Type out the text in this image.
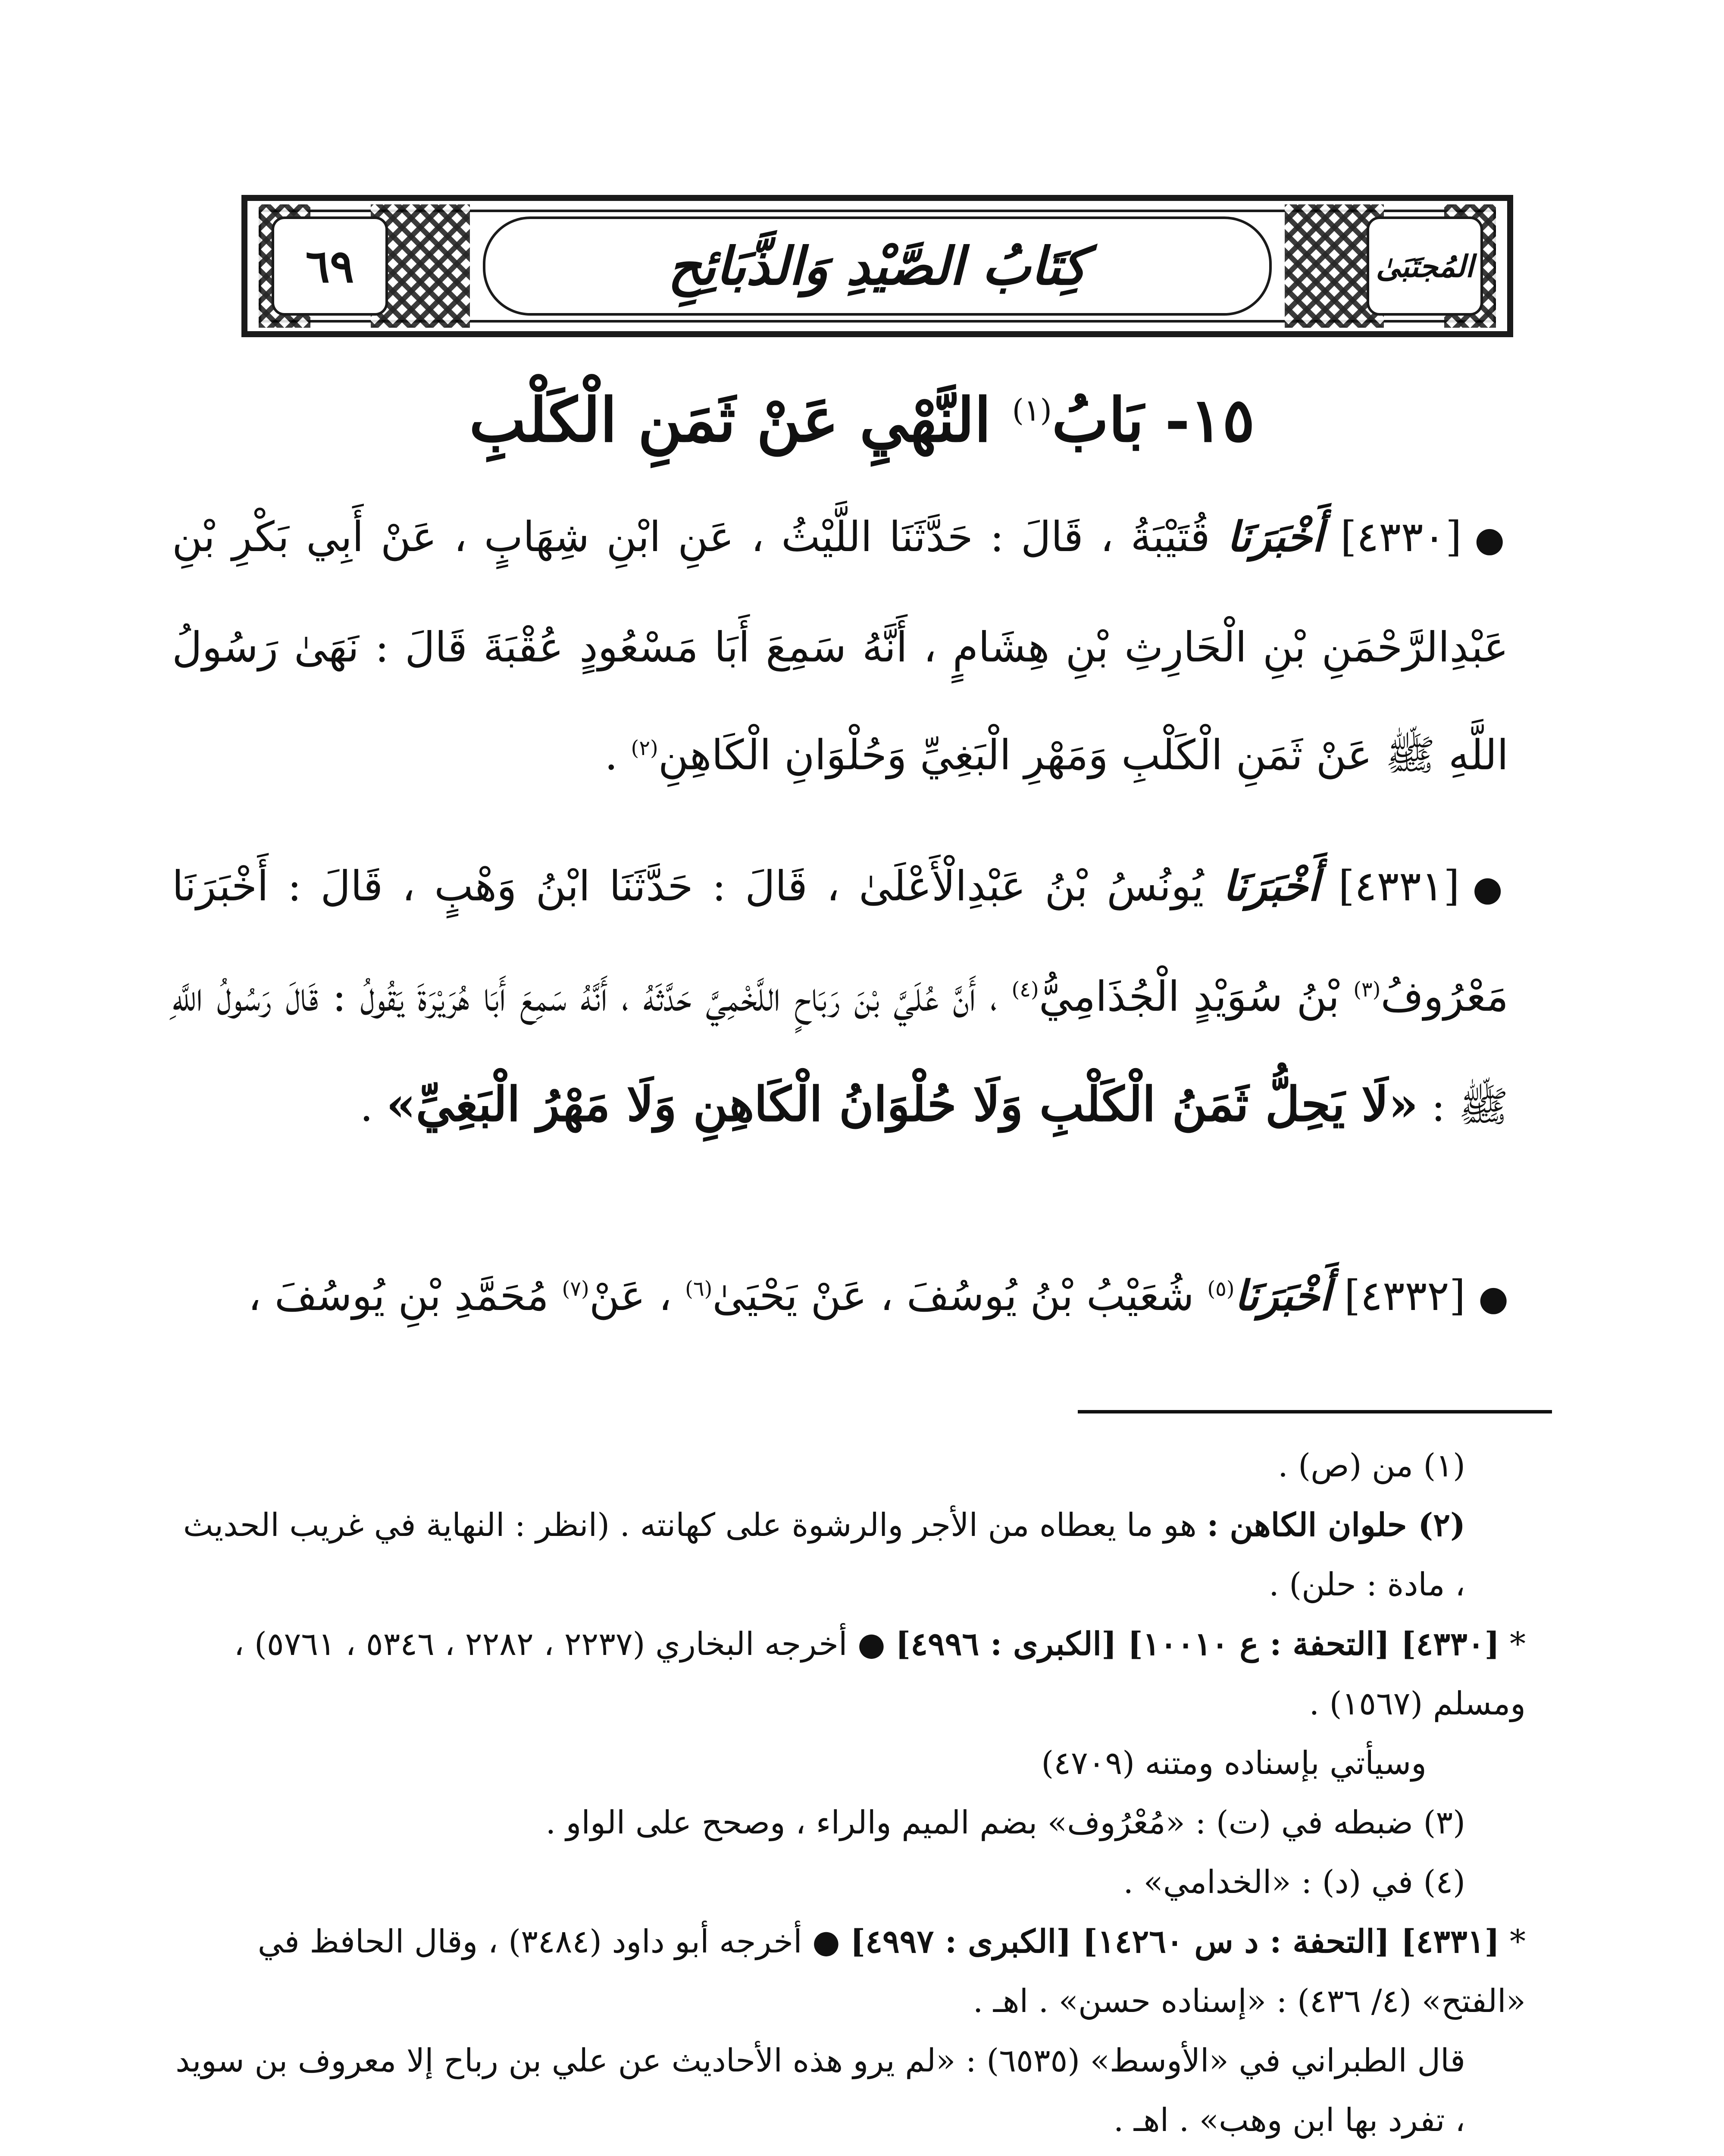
٦٩	كِتَابُ الصَّيْدِ وَالذَّبَائِحِ	المُجتَبَىٰ
١٥- بَابُ$^{(١)}$ النَّهْيِ عَنْ ثَمَنِ الْكَلْبِ
●[٤٣٣٠] أَخْبَرَنَا قُتَيْبَةُ ، قَالَ : حَدَّثَنَا اللَّيْثُ ، عَنِ ابْنِ شِهَابٍ ، عَنْ أَبِي بَكْرِ بْنِ عَبْدِالرَّحْمَنِ بْنِ الْحَارِثِ بْنِ هِشَامٍ ، أَنَّهُ سَمِعَ أَبَا مَسْعُودٍ عُقْبَةَ قَالَ : نَهَىٰ رَسُولُ اللَّهِ ﷺ عَنْ ثَمَنِ الْكَلْبِ وَمَهْرِ الْبَغِيِّ وَحُلْوَانِ الْكَاهِنِ$^{(٢)}$ .
●[٤٣٣١] أَخْبَرَنَا يُونُسُ بْنُ عَبْدِالْأَعْلَىٰ ، قَالَ : حَدَّثَنَا ابْنُ وَهْبٍ ، قَالَ : أَخْبَرَنَا مَعْرُوفُ$^{(٣)}$ بْنُ سُوَيْدٍ الْجُذَامِيُّ$^{(٤)}$ ، أَنَّ عُلَيَّ بْنَ رَبَاحٍ اللَّخْمِيَّ حَدَّثَهُ ، أَنَّهُ سَمِعَ أَبَا هُرَيْرَةَ يَقُولُ : قَالَ رَسُولُ اللَّهِ ﷺ : «لَا يَحِلُّ ثَمَنُ الْكَلْبِ وَلَا حُلْوَانُ الْكَاهِنِ وَلَا مَهْرُ الْبَغِيِّ» .
●[٤٣٣٢] أَخْبَرَنَا$^{(٥)}$ شُعَيْبُ بْنُ يُوسُفَ ، عَنْ يَحْيَىٰ$^{(٦)}$ ، عَنْ$^{(٧)}$ مُحَمَّدِ بْنِ يُوسُفَ ،

(١) من (ص) .

(٢) حلوان الكاهن : هو ما يعطاه من الأجر والرشوة على كهانته . (انظر : النهاية في غريب الحديث ، مادة : حلن) .

* [٤٣٣٠] [التحفة : ع ١٠٠١٠] [الكبرى : ٤٩٩٦] ● أخرجه البخاري (٢٢٣٧ ، ٢٢٨٢ ، ٥٣٤٦ ، ٥٧٦١) ، ومسلم (١٥٦٧) .

وسيأتي بإسناده ومتنه (٤٧٠٩)

(٣) ضبطه في (ت) : «مُعْرُوف» بضم الميم والراء ، وصحح على الواو .

(٤) في (د) : «الخدامي» .

* [٤٣٣١] [التحفة : د س ١٤٢٦٠] [الكبرى : ٤٩٩٧] ● أخرجه أبو داود (٣٤٨٤) ، وقال الحافظ في «الفتح» (٤/ ٤٣٦) : «إسناده حسن» . اهـ .

قال الطبراني في «الأوسط» (٦٥٣٥) : «لم يرو هذه الأحاديث عن علي بن رباح إلا معروف بن سويد ، تفرد بها ابن وهب» . اهـ .
